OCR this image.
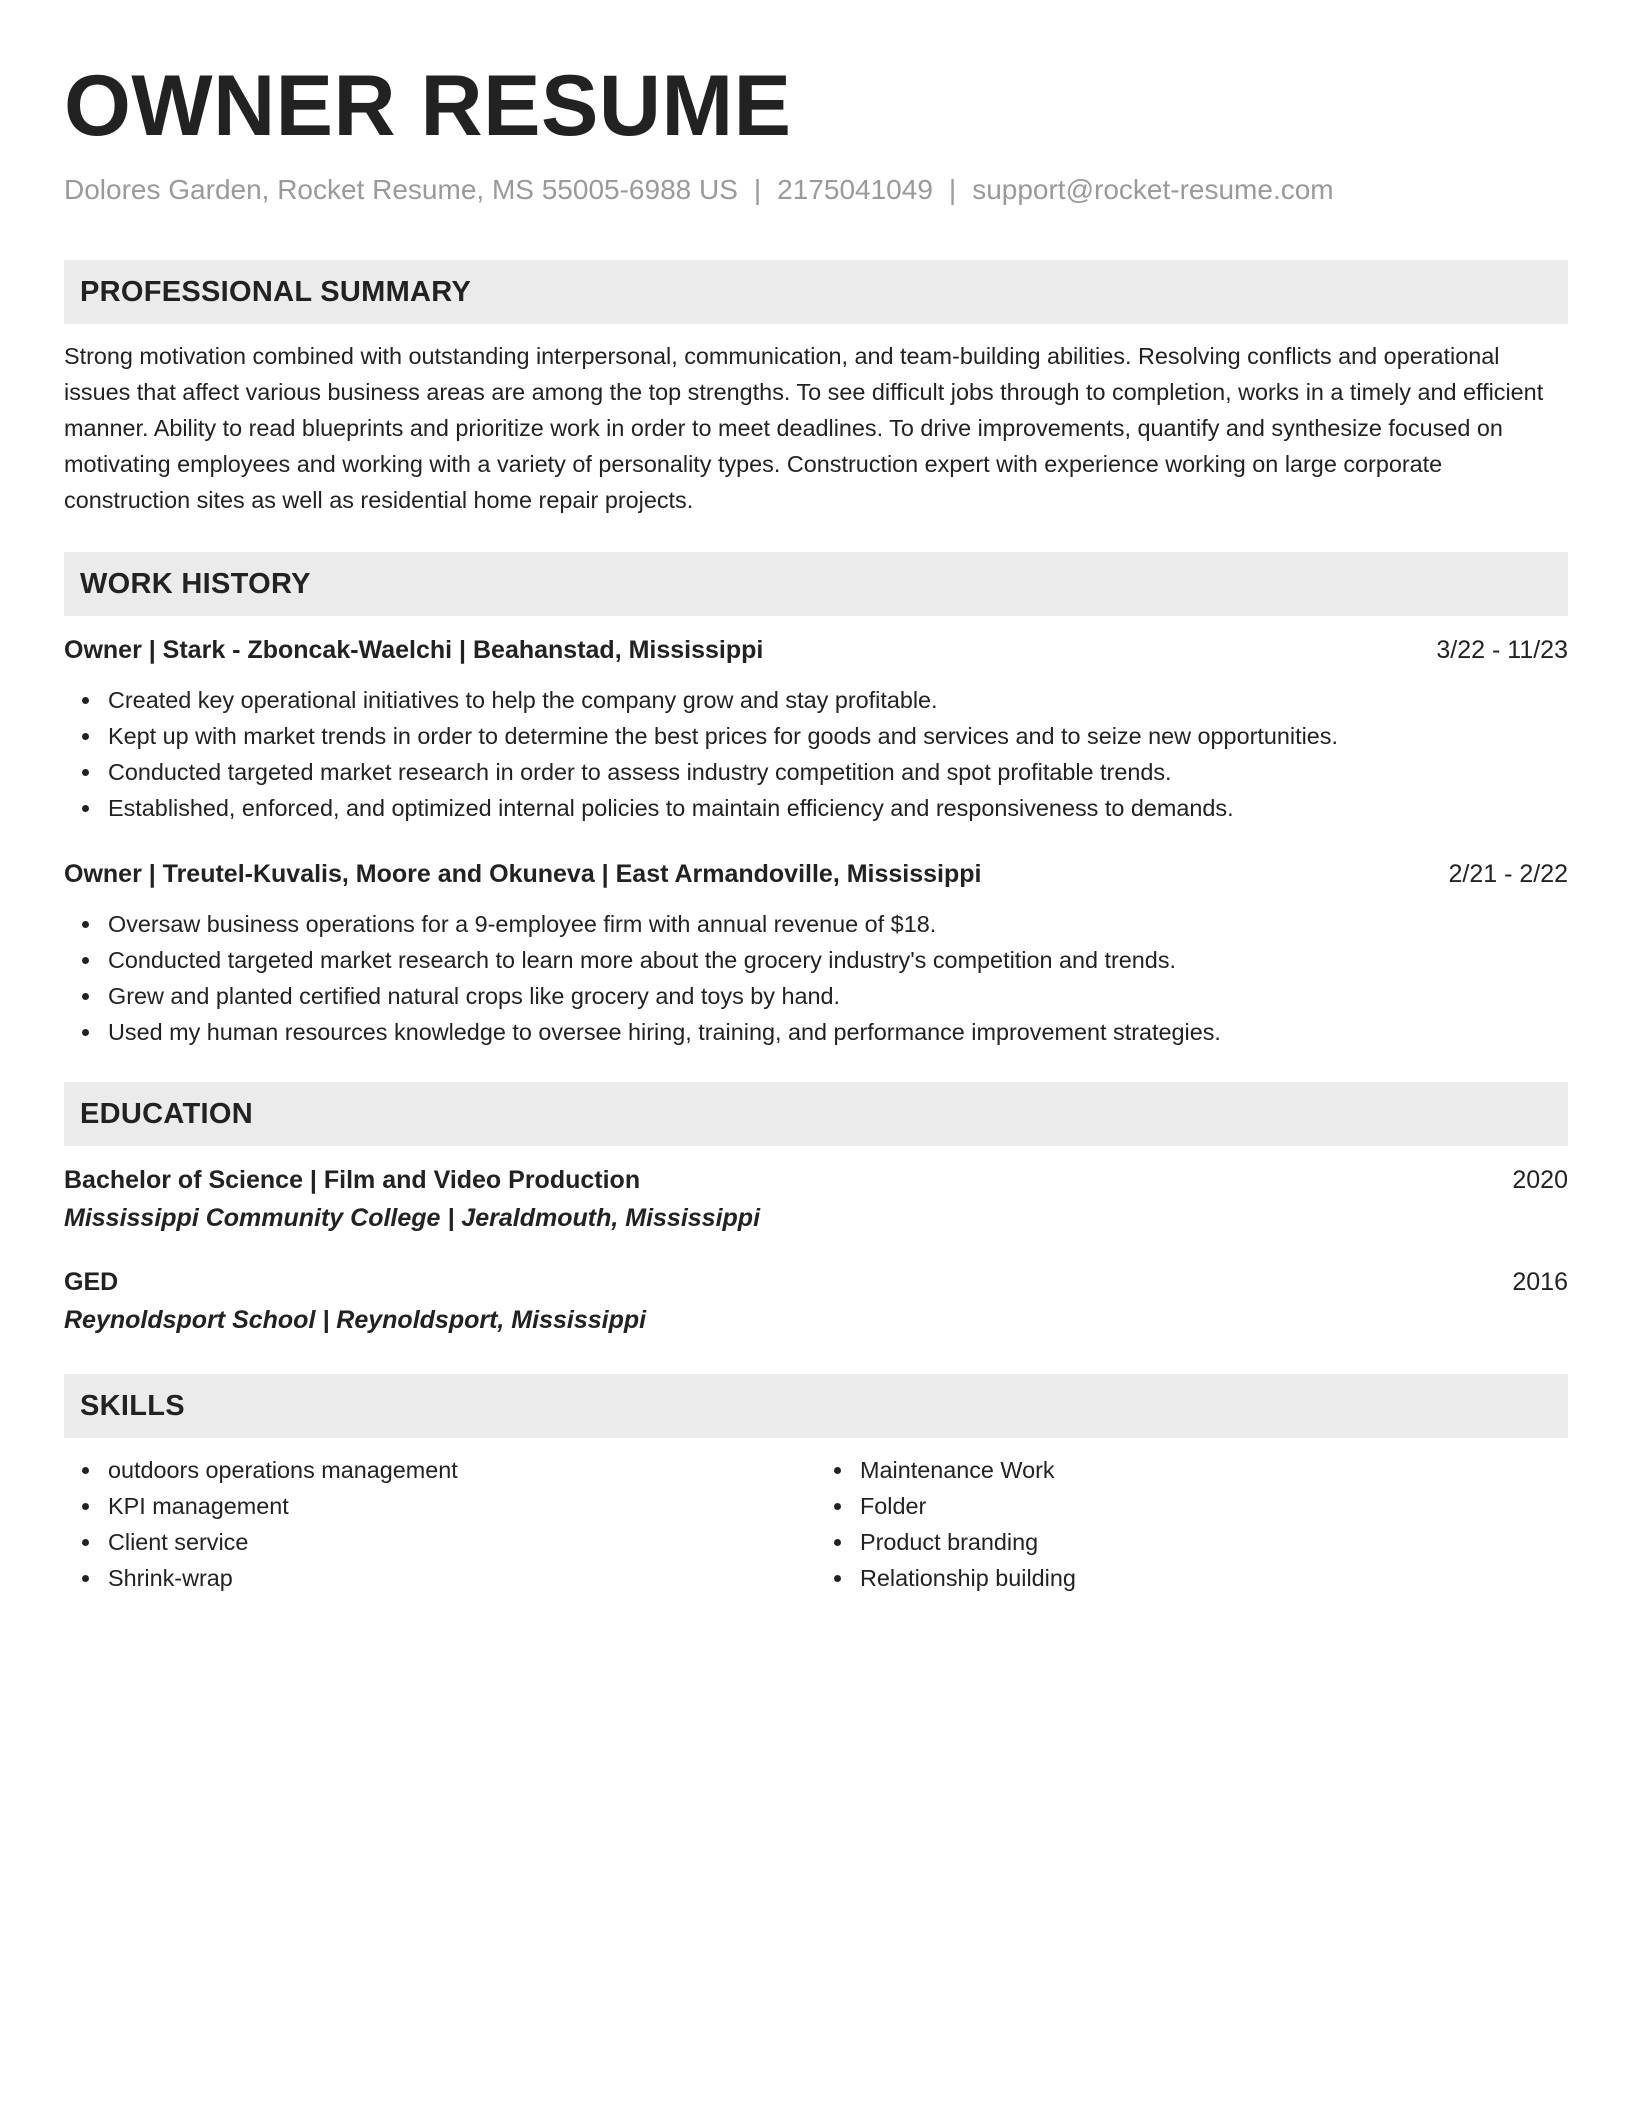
OWNER RESUME
Dolores Garden, Rocket Resume, MS 55005-6988 US | 2175041049 | support@rocket-resume.com
PROFESSIONAL SUMMARY

Strong motivation combined with outstanding interpersonal, communication, and team-building abilities. Resolving conflicts and operational issues that affect various business areas are among the top strengths. To see difficult jobs through to completion, works in a timely and efficient manner. Ability to read blueprints and prioritize work in order to meet deadlines. To drive improvements, quantify and synthesize focused on motivating employees and working with a variety of personality types. Construction expert with experience working on large corporate construction sites as well as residential home repair projects.

WORK HISTORY
Owner | Stark - Zboncak-Waelchi | Beahanstad, Mississippi	3/22 - 11/23
Created key operational initiatives to help the company grow and stay profitable.
Kept up with market trends in order to determine the best prices for goods and services and to seize new opportunities.
Conducted targeted market research in order to assess industry competition and spot profitable trends.
Established, enforced, and optimized internal policies to maintain efficiency and responsiveness to demands.
Owner | Treutel-Kuvalis, Moore and Okuneva | East Armandoville, Mississippi	2/21 - 2/22
Oversaw business operations for a 9-employee firm with annual revenue of $18.
Conducted targeted market research to learn more about the grocery industry's competition and trends.
Grew and planted certified natural crops like grocery and toys by hand.
Used my human resources knowledge to oversee hiring, training, and performance improvement strategies.
EDUCATION
Bachelor of Science | Film and Video Production	2020
Mississippi Community College | Jeraldmouth, Mississippi
GED	2016
Reynoldsport School | Reynoldsport, Mississippi
SKILLS
outdoors operations management
KPI management
Client service
Shrink-wrap
Maintenance Work
Folder
Product branding
Relationship building
